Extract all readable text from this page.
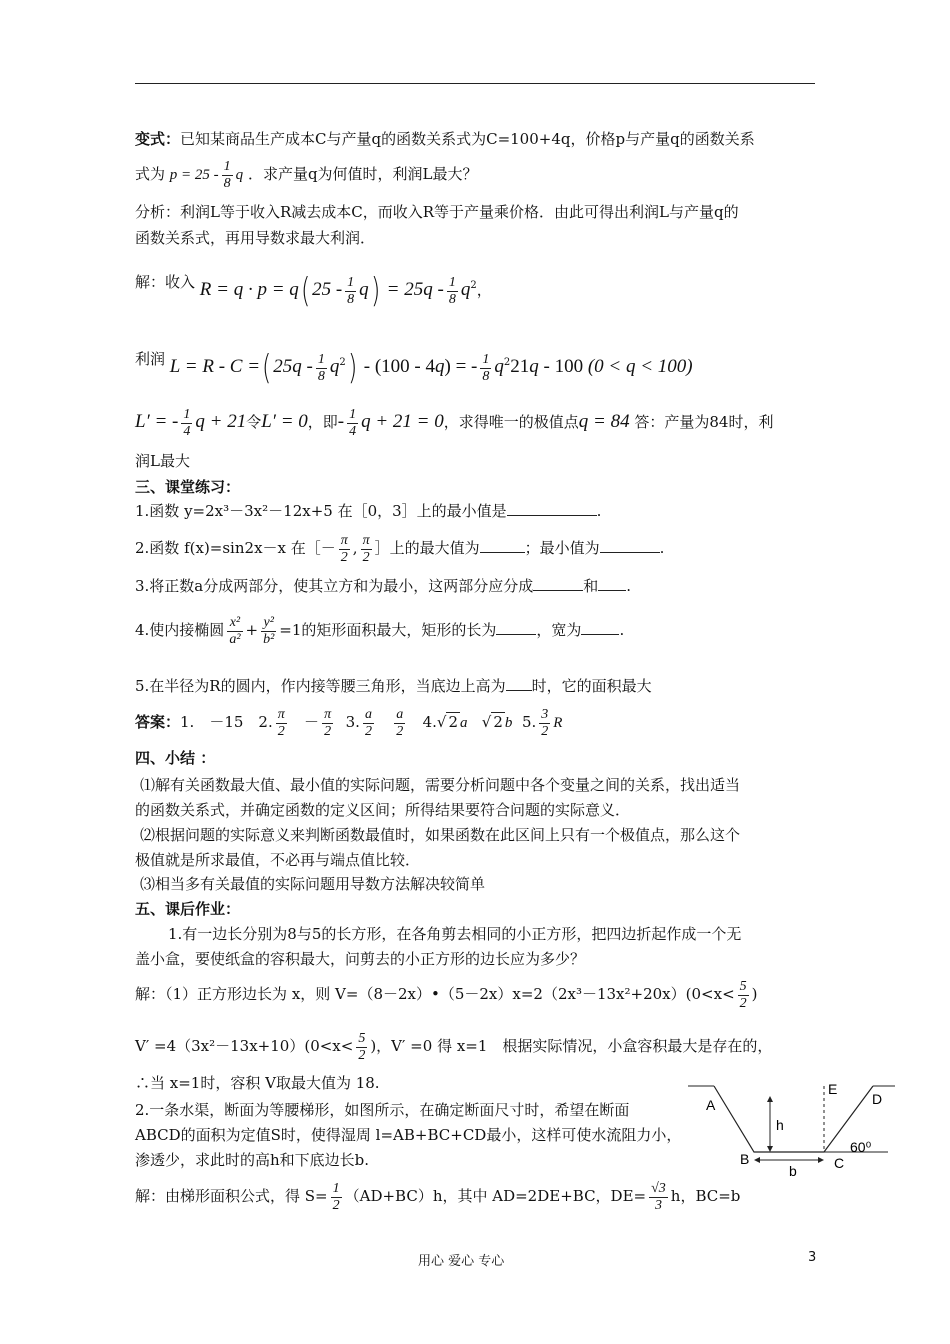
变式：已知某商品生产成本C与产量q的函数关系式为C=100+4q，价格p与产量q的函数关系
式为 $p = 25 - \frac{1}{8}$ q ．求产量q为何值时，利润L最大？
分析：利润L等于收入R减去成本C，而收入R等于产量乘价格．由此可得出利润L与产量q的
函数关系式，再用导数求最大利润．
解：收入 R = q · p = q( $25 - \frac{1}{8} q) = 25q - \frac{1}{8} q^2$，
利润 L = R - C =( $25q - \frac{1}{8} q^2) - (100 - 4q)$ = - $\frac{1}{8} q^221q - 100$ (0 < q < 100)
L′ = - $\frac{1}{4}$ q + 21令L′ = 0，即- $\frac{1}{4}$ q + 21 = 0，求得唯一的极值点q = 84 答：产量为84时，利
润L最大
三、课堂练习：
1.函数 y=2x³－3x²－12x+5 在［0，3］上的最小值是	.
2.函数 f(x)=sin2x－x 在［－ $\frac{\pi}{2}$ , $\frac{\pi}{2}$ ］上的最大值为	；最小值为	.
3.将正数a分成两部分，使其立方和为最小，这两部分应分成	和 .
4.使内接椭圆 $\frac{\text{x²}}{\text{a²}} + \frac{\text{y²}}{\text{b²}} =1$的矩形面积最大，矩形的长为	，宽为	.
5.在半径为R的圆内，作内接等腰三角形，当底边上高为 时，它的面积最大
答案：1.　－15　2. $\frac{\pi}{2} - \frac{\pi}{2} 3$. $\frac{a}{2}$
$\frac{a}{2} 4.√$ 2 a   √ 2 b 5. $\frac{3}{2}$ R
四、小结 ：
⑴解有关函数最大值、最小值的实际问题，需要分析问题中各个变量之间的关系，找出适当
的函数关系式，并确定函数的定义区间；所得结果要符合问题的实际意义．
⑵根据问题的实际意义来判断函数最值时，如果函数在此区间上只有一个极值点，那么这个
极值就是所求最值，不必再与端点值比较．
⑶相当多有关最值的实际问题用导数方法解决较简单
五、课后作业：
1.有一边长分别为8与5的长方形，在各角剪去相同的小正方形，把四边折起作成一个无
盖小盒，要使纸盒的容积最大，问剪去的小正方形的边长应为多少？
解：（1）正方形边长为 x，则 V=（8－2x）•（5－2x）x=2（2x³－13x²+20x）(0<x< $\frac{5}{2}$ )
$V' =4(3x^2-13x+10)(0<x< \frac{5}{2}$ )，V′ =0 得 x=1　根据实际情况，小盒容积最大是存在的，
∴当 x=1时，容积 V取最大值为 18.
2.一条水渠，断面为等腰梯形，如图所示，在确定断面尺寸时，希望在断面
ABCD的面积为定值S时，使得湿周 l=AB+BC+CD最小，这样可使水流阻力小，
渗透少，求此时的高h和下底边长b.
解：由梯形面积公式，得 $S= \frac{1}{2} (AD+BC)h$，其中 AD=2DE+BC，$DE= \frac{√3}{3}$ h，BC=b
A
B	C
D
E
h
b
60⁰
用心 爱心 专心	3
